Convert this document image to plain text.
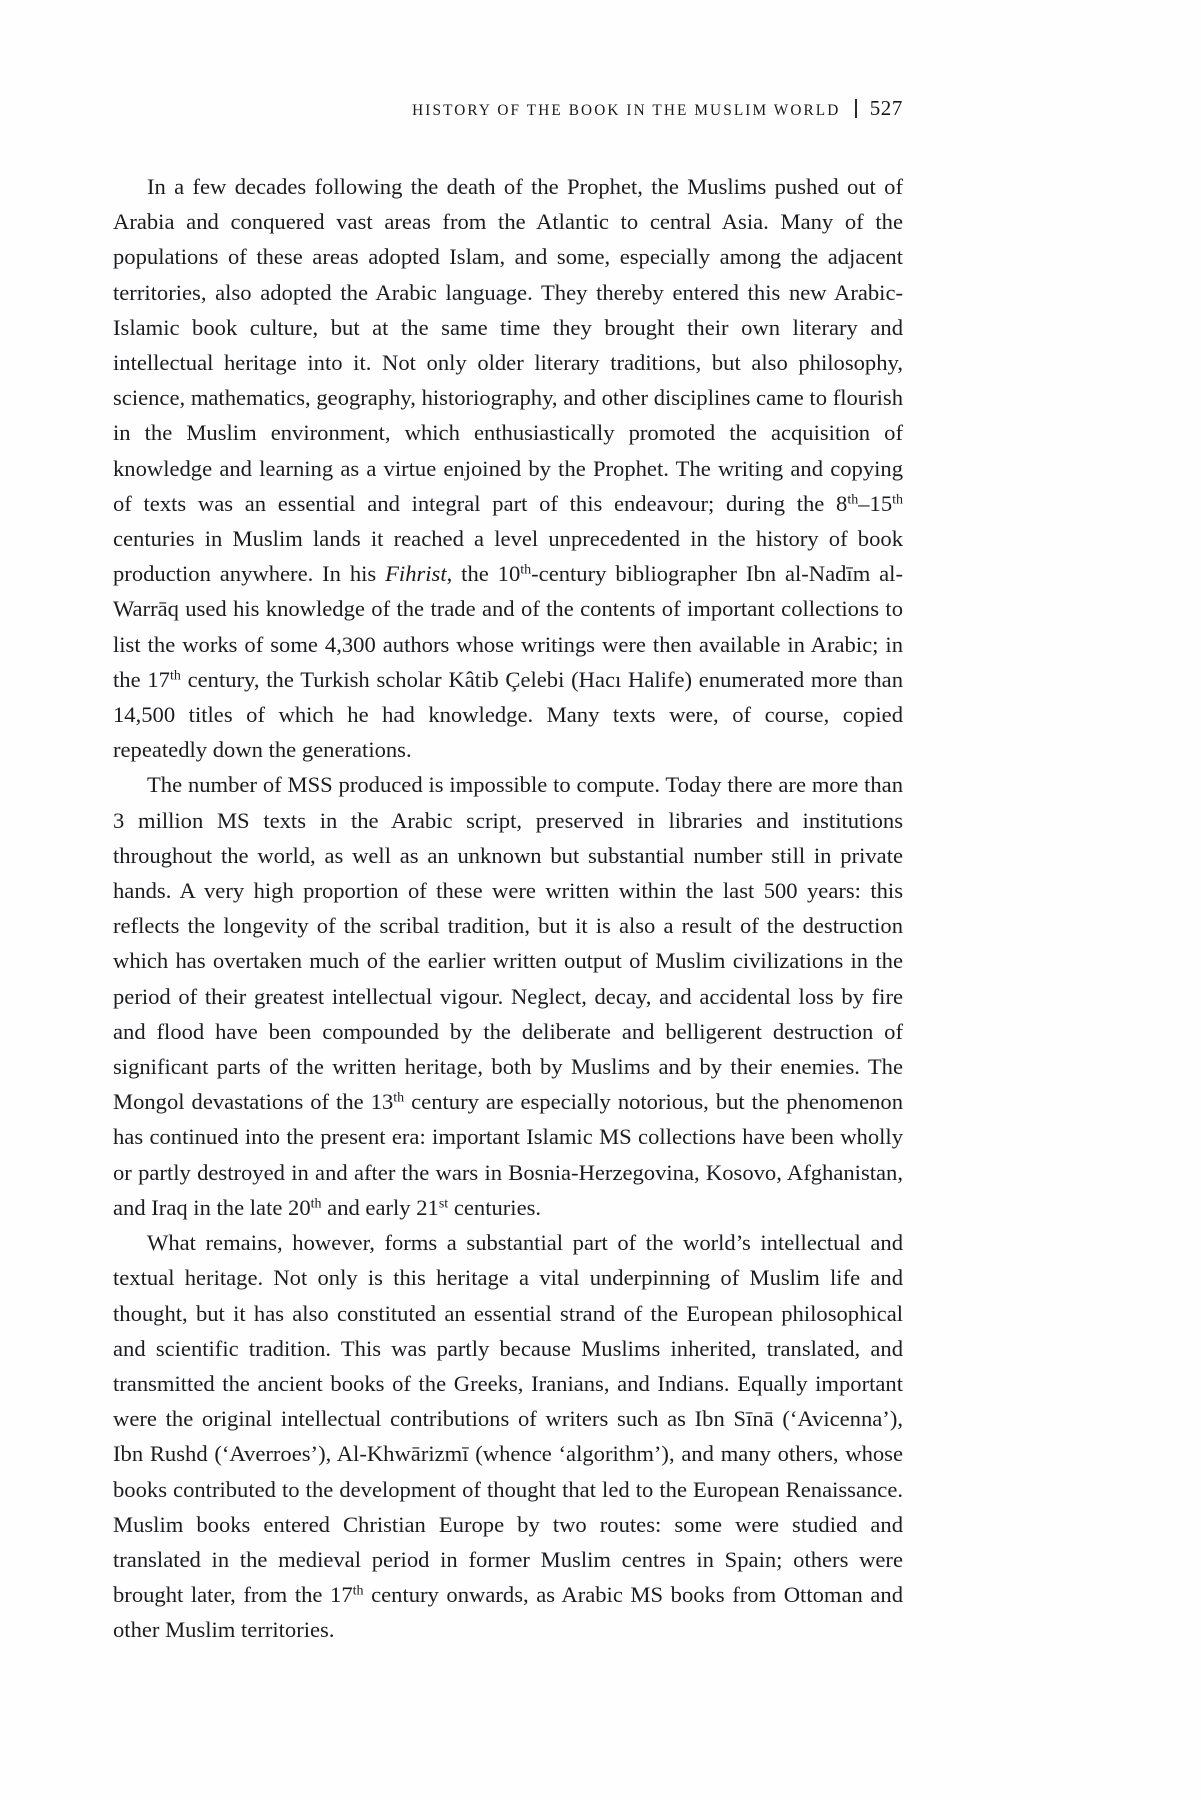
HISTORY OF THE BOOK IN THE MUSLIM WORLD 527

In a few decades following the death of the Prophet, the Muslims pushed out of Arabia and conquered vast areas from the Atlantic to central Asia. Many of the populations of these areas adopted Islam, and some, especially among the adjacent territories, also adopted the Arabic language. They thereby entered this new Arabic-Islamic book culture, but at the same time they brought their own literary and intellectual heritage into it. Not only older literary traditions, but also philosophy, science, mathematics, geography, historiography, and other disciplines came to flourish in the Muslim environment, which enthusiastically promoted the acquisition of knowledge and learning as a virtue enjoined by the Prophet. The writing and copying of texts was an essential and integral part of this endeavour; during the 8th–15th centuries in Muslim lands it reached a level unprecedented in the history of book production anywhere. In his Fihrist, the 10th-century bibliographer Ibn al-Nadīm al-Warrāq used his knowledge of the trade and of the contents of important collections to list the works of some 4,300 authors whose writings were then available in Arabic; in the 17th century, the Turkish scholar Kâtib Çelebi (Hacı Halife) enumerated more than 14,500 titles of which he had knowledge. Many texts were, of course, copied repeatedly down the generations.

The number of MSS produced is impossible to compute. Today there are more than 3 million MS texts in the Arabic script, preserved in libraries and institutions throughout the world, as well as an unknown but substantial number still in private hands. A very high proportion of these were written within the last 500 years: this reflects the longevity of the scribal tradition, but it is also a result of the destruction which has overtaken much of the earlier written output of Muslim civilizations in the period of their greatest intellectual vigour. Neglect, decay, and accidental loss by fire and flood have been compounded by the deliberate and belligerent destruction of significant parts of the written heritage, both by Muslims and by their enemies. The Mongol devastations of the 13th century are especially notorious, but the phenomenon has continued into the present era: important Islamic MS collections have been wholly or partly destroyed in and after the wars in Bosnia-Herzegovina, Kosovo, Afghanistan, and Iraq in the late 20th and early 21st centuries.

What remains, however, forms a substantial part of the world’s intellectual and textual heritage. Not only is this heritage a vital underpinning of Muslim life and thought, but it has also constituted an essential strand of the European philosophical and scientific tradition. This was partly because Muslims inherited, translated, and transmitted the ancient books of the Greeks, Iranians, and Indians. Equally important were the original intellectual contributions of writers such as Ibn Sīnā (‘Avicenna’), Ibn Rushd (‘Averroes’), Al-Khwārizmī (whence ‘algorithm’), and many others, whose books contributed to the development of thought that led to the European Renaissance. Muslim books entered Christian Europe by two routes: some were studied and translated in the medieval period in former Muslim centres in Spain; others were brought later, from the 17th century onwards, as Arabic MS books from Ottoman and other Muslim territories.
